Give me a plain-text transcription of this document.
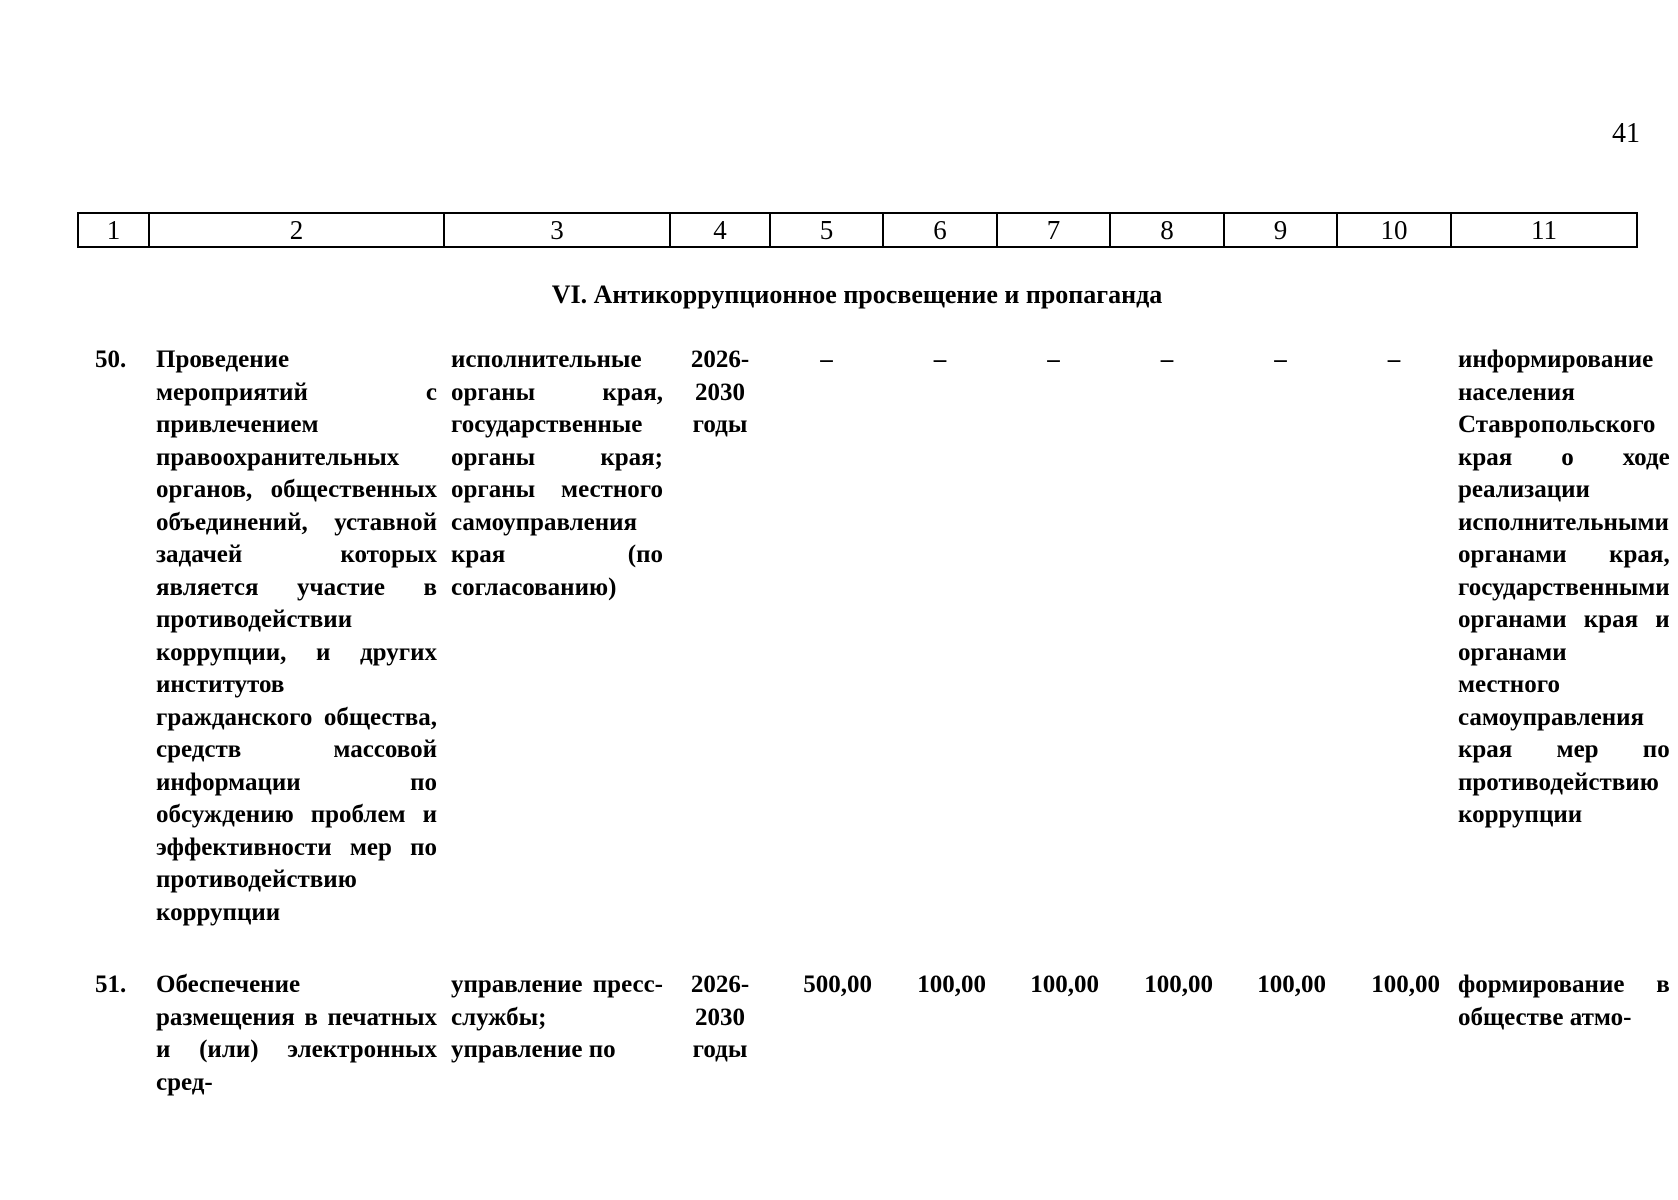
41
1	2	3	4	5	6	7	8	9	10	11
VI. Антикоррупционное просвещение и пропаганда
50.	Проведение мероприятий с привлечением правоохранительных органов, общественных объединений, уставной задачей которых является участие в противодействии коррупции, и других институтов гражданского общества, средств массовой информации по обсуждению проблем и эффективности мер по противодействию коррупции	исполнительные органы края, государственные органы края; органы местного самоуправления края (по согласованию)	2026-2030 годы	–	–	–	–	–	–	информирование населения Ставропольского края о ходе реализации исполнительными органами края, государственными органами края и органами местного самоуправления края мер по противодействию коррупции
51.	Обеспечение размещения в печатных и (или) электронных сред-	управление пресс-службы; управление по	2026-2030 годы	500,00	100,00	100,00	100,00	100,00	100,00	формирование в обществе атмо-
